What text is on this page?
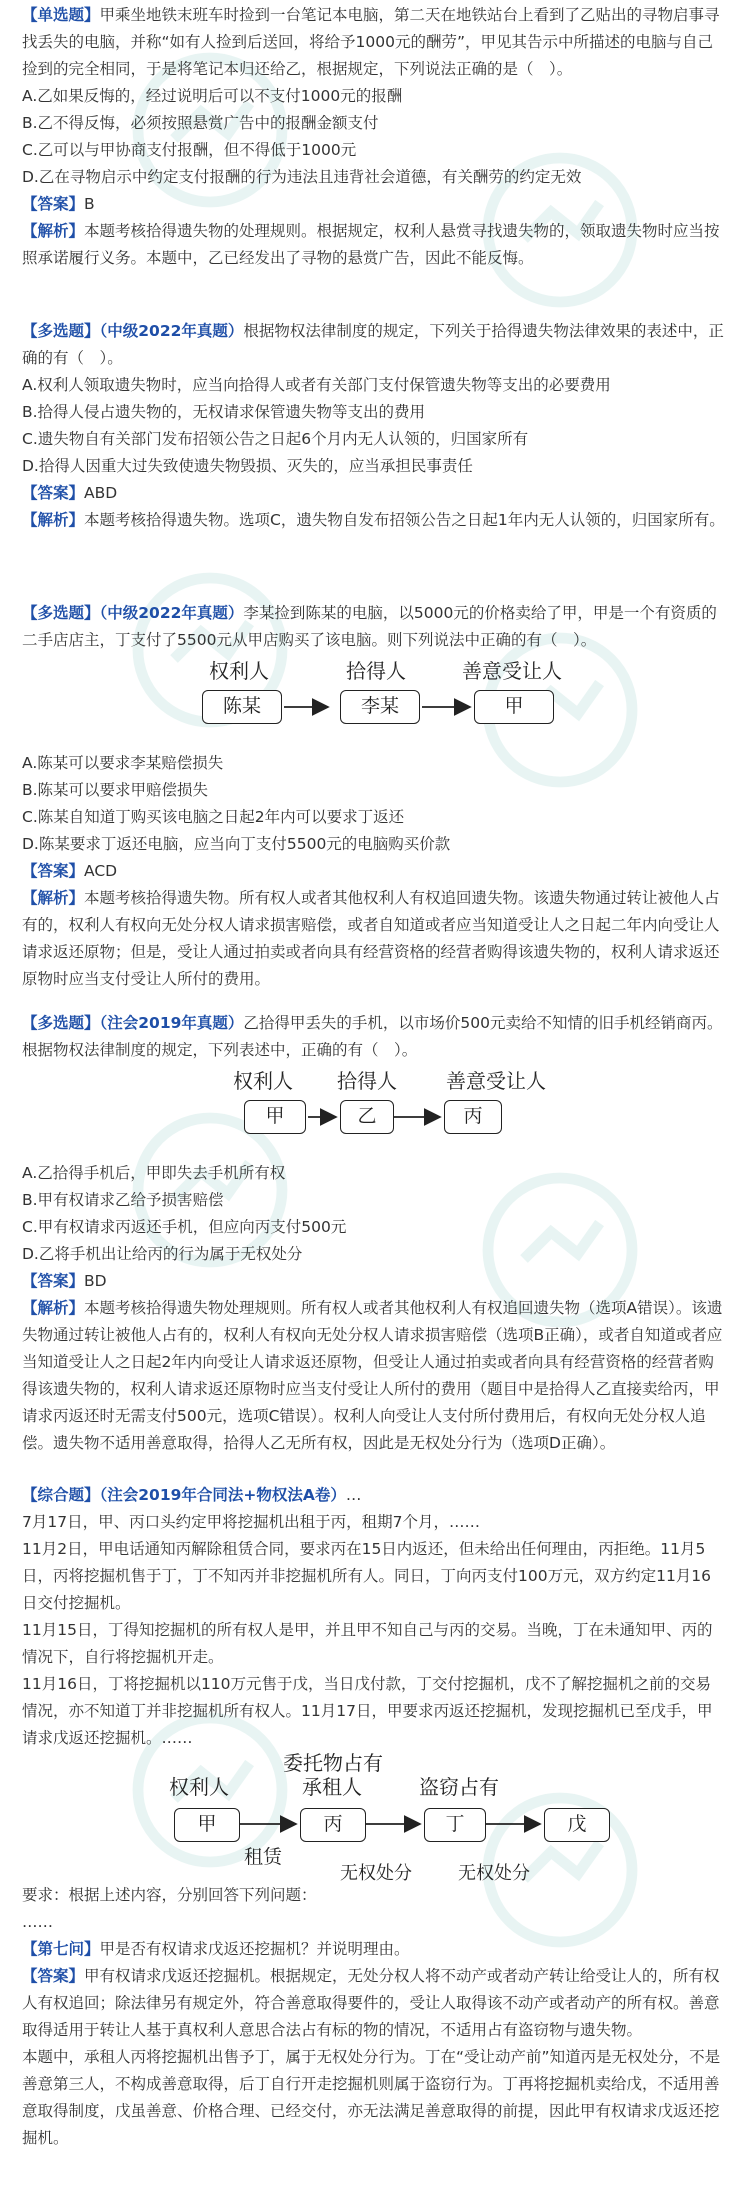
【单选题】甲乘坐地铁末班车时捡到一台笔记本电脑，第二天在地铁站台上看到了乙贴出的寻物启事寻找丢失的电脑，并称“如有人捡到后送回，将给予1000元的酬劳”，甲见其告示中所描述的电脑与自己捡到的完全相同，于是将笔记本归还给乙，根据规定，下列说法正确的是（　）。

A.乙如果反悔的，经过说明后可以不支付1000元的报酬

B.乙不得反悔，必须按照悬赏广告中的报酬金额支付

C.乙可以与甲协商支付报酬，但不得低于1000元

D.乙在寻物启示中约定支付报酬的行为违法且违背社会道德，有关酬劳的约定无效

【答案】B

【解析】本题考核拾得遗失物的处理规则。根据规定，权利人悬赏寻找遗失物的，领取遗失物时应当按照承诺履行义务。本题中，乙已经发出了寻物的悬赏广告，因此不能反悔。

【多选题】（中级2022年真题）根据物权法律制度的规定，下列关于拾得遗失物法律效果的表述中，正确的有（　）。

A.权利人领取遗失物时，应当向拾得人或者有关部门支付保管遗失物等支出的必要费用

B.拾得人侵占遗失物的，无权请求保管遗失物等支出的费用

C.遗失物自有关部门发布招领公告之日起6个月内无人认领的，归国家所有

D.拾得人因重大过失致使遗失物毁损、灭失的，应当承担民事责任

【答案】ABD

【解析】本题考核拾得遗失物。选项C，遗失物自发布招领公告之日起1年内无人认领的，归国家所有。

【多选题】（中级2022年真题）李某捡到陈某的电脑，以5000元的价格卖给了甲，甲是一个有资质的二手店店主，丁支付了5500元从甲店购买了该电脑。则下列说法中正确的有（　）。

权利人	拾得人	善意受让人
陈某	李某	甲

A.陈某可以要求李某赔偿损失

B.陈某可以要求甲赔偿损失

C.陈某自知道丁购买该电脑之日起2年内可以要求丁返还

D.陈某要求丁返还电脑，应当向丁支付5500元的电脑购买价款

【答案】ACD

【解析】本题考核拾得遗失物。所有权人或者其他权利人有权追回遗失物。该遗失物通过转让被他人占有的，权利人有权向无处分权人请求损害赔偿，或者自知道或者应当知道受让人之日起二年内向受让人请求返还原物；但是，受让人通过拍卖或者向具有经营资格的经营者购得该遗失物的，权利人请求返还原物时应当支付受让人所付的费用。

【多选题】（注会2019年真题）乙拾得甲丢失的手机，以市场价500元卖给不知情的旧手机经销商丙。根据物权法律制度的规定，下列表述中，正确的有（　）。

权利人	拾得人	善意受让人
甲	乙	丙

A.乙拾得手机后，甲即失去手机所有权

B.甲有权请求乙给予损害赔偿

C.甲有权请求丙返还手机，但应向丙支付500元

D.乙将手机出让给丙的行为属于无权处分

【答案】BD

【解析】本题考核拾得遗失物处理规则。所有权人或者其他权利人有权追回遗失物（选项A错误）。该遗失物通过转让被他人占有的，权利人有权向无处分权人请求损害赔偿（选项B正确），或者自知道或者应当知道受让人之日起2年内向受让人请求返还原物，但受让人通过拍卖或者向具有经营资格的经营者购得该遗失物的，权利人请求返还原物时应当支付受让人所付的费用（题目中是拾得人乙直接卖给丙，甲请求丙返还时无需支付500元，选项C错误）。权利人向受让人支付所付费用后，有权向无处分权人追偿。遗失物不适用善意取得，拾得人乙无所有权，因此是无权处分行为（选项D正确）。

【综合题】（注会2019年合同法+物权法A卷）…

7月17日，甲、丙口头约定甲将挖掘机出租于丙，租期7个月，……

11月2日，甲电话通知丙解除租赁合同，要求丙在15日内返还，但未给出任何理由，丙拒绝。11月5日，丙将挖掘机售于丁，丁不知丙并非挖掘机所有人。同日，丁向丙支付100万元，双方约定11月16日交付挖掘机。

11月15日，丁得知挖掘机的所有权人是甲，并且甲不知自己与丙的交易。当晚，丁在未通知甲、丙的情况下，自行将挖掘机开走。

11月16日，丁将挖掘机以110万元售于戊，当日戊付款，丁交付挖掘机，戊不了解挖掘机之前的交易情况，亦不知道丁并非挖掘机所有权人。11月17日，甲要求丙返还挖掘机，发现挖掘机已至戊手，甲请求戊返还挖掘机。……

权利人
委托物占有
承租人	盗窃占有
甲	丙	丁	戊
租赁
无权处分	无权处分

要求：根据上述内容，分别回答下列问题：

……

【第七问】甲是否有权请求戊返还挖掘机？并说明理由。

【答案】甲有权请求戊返还挖掘机。根据规定，无处分权人将不动产或者动产转让给受让人的，所有权人有权追回；除法律另有规定外，符合善意取得要件的，受让人取得该不动产或者动产的所有权。善意取得适用于转让人基于真权利人意思合法占有标的物的情况，不适用占有盗窃物与遗失物。

本题中，承租人丙将挖掘机出售予丁，属于无权处分行为。丁在“受让动产前”知道丙是无权处分，不是善意第三人，不构成善意取得，后丁自行开走挖掘机则属于盗窃行为。丁再将挖掘机卖给戊，不适用善意取得制度，戊虽善意、价格合理、已经交付，亦无法满足善意取得的前提，因此甲有权请求戊返还挖掘机。
